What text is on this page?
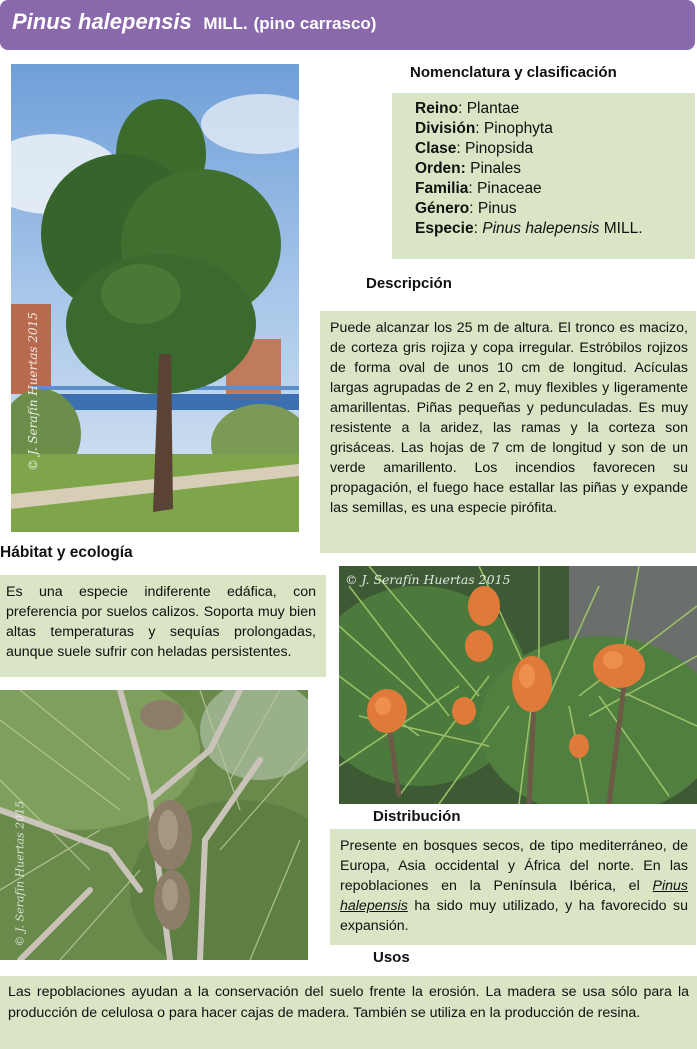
Pinus halepensis MILL. (pino carrasco)
© J. Serafín Huertas 2015
Nomenclatura y clasificación
Reino: Plantae
División: Pinophyta
Clase: Pinopsida
Orden: Pinales
Familia: Pinaceae
Género: Pinus
Especie: Pinus halepensis MILL.
Descripción
Puede alcanzar los 25 m de altura. El tronco es macizo, de corteza gris rojiza y copa irregular. Estróbilos rojizos de forma oval de unos 10 cm de longitud. Acículas largas agrupadas de 2 en 2, muy flexibles y ligeramente amarillentas. Piñas pequeñas y pedunculadas. Es muy resistente a la aridez, las ramas y la corteza son grisáceas. Las hojas de 7 cm de longitud y son de un verde amarillento. Los incendios favorecen su propagación, el fuego hace estallar las piñas y expande las semillas, es una especie pirófita.
Hábitat y ecología
Es una especie indiferente edáfica, con preferencia por suelos calizos. Soporta muy bien altas temperaturas y sequías prolongadas, aunque suele sufrir con heladas persistentes.
© J. Serafín Huertas 2015
© J. Serafín Huertas 2015	Distribución
Presente en bosques secos, de tipo mediterráneo, de Europa, Asia occidental y África del norte. En las repoblaciones en la Península Ibérica, el Pinus halepensis ha sido muy utilizado, y ha favorecido su expansión.
Usos
Las repoblaciones ayudan a la conservación del suelo frente la erosión. La madera se usa sólo para la producción de celulosa o para hacer cajas de madera. También se utiliza en la producción de resina.
